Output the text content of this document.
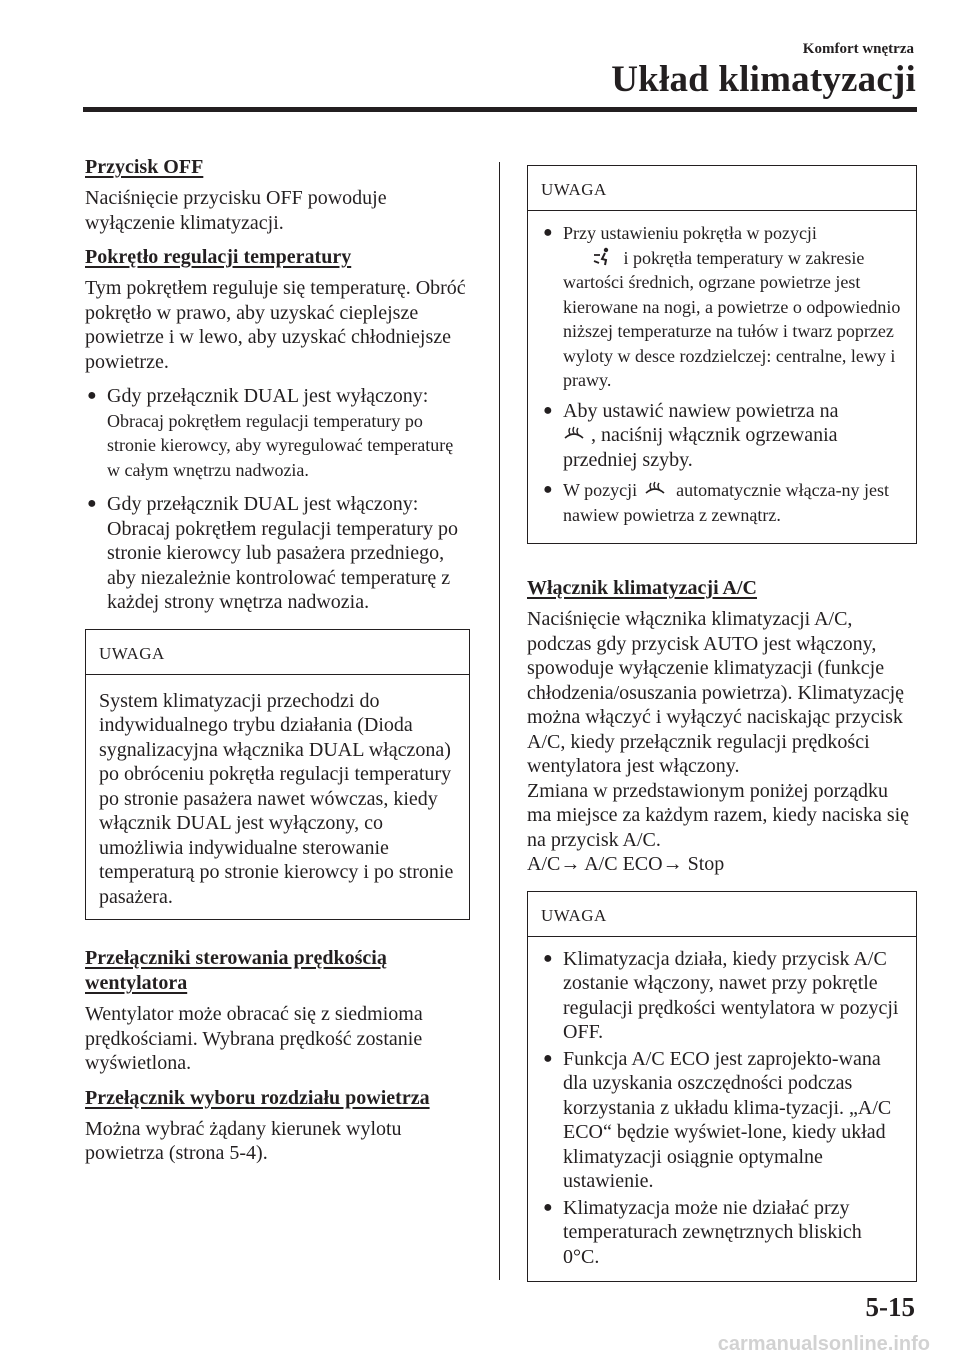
Komfort wnętrza
Układ klimatyzacji
Przycisk OFF

Naciśnięcie przycisku OFF powoduje wyłączenie klimatyzacji.

Pokrętło regulacji temperatury

Tym pokrętłem reguluje się temperaturę. Obróć pokrętło w prawo, aby uzyskać cieplejsze powietrze i w lewo, aby uzyskać chłodniejsze powietrze.

● Gdy przełącznik DUAL jest wyłączony:
Obracaj pokrętłem regulacji temperatury po stronie kierowcy, aby wyregulować temperaturę w całym wnętrzu nadwozia.
● Gdy przełącznik DUAL jest włączony: Obracaj pokrętłem regulacji temperatury po stronie kierowcy lub pasażera przedniego, aby niezależnie kontrolować temperaturę z każdej strony wnętrza nadwozia.
UWAGA

System klimatyzacji przechodzi do indywidualnego trybu działania (Dioda sygnalizacyjna włącznika DUAL włączona) po obróceniu pokrętła regulacji temperatury po stronie pasażera nawet wówczas, kiedy włącznik DUAL jest wyłączony, co umożliwia indywidualne sterowanie temperaturą po stronie kierowcy i po stronie pasażera.

Przełączniki sterowania prędkością wentylatora

Wentylator może obracać się z siedmioma prędkościami. Wybrana prędkość zostanie wyświetlona.

Przełącznik wyboru rozdziału powietrza

Można wybrać żądany kierunek wylotu powietrza (strona 5-4).

UWAGA
● Przy ustawieniu pokrętła w pozycji
i pokrętła temperatury w zakresie wartości średnich, ogrzane powietrze jest kierowane na nogi, a powietrze o odpowiednio niższej temperaturze na tułów i twarz poprzez wyloty w desce rozdzielczej: centralne, lewy i prawy.
● Aby ustawić nawiew powietrza na
, naciśnij włącznik ogrzewania przedniej szyby.
● W pozycji automatycznie włącza-ny jest nawiew powietrza z zewnątrz.
Włącznik klimatyzacji A/C

Naciśnięcie włącznika klimatyzacji A/C, podczas gdy przycisk AUTO jest włączony, spowoduje wyłączenie klimatyzacji (funkcje chłodzenia/osuszania powietrza). Klimatyzację można włączyć i wyłączyć naciskając przycisk A/C, kiedy przełącznik regulacji prędkości wentylatora jest włączony.

Zmiana w przedstawionym poniżej porządku ma miejsce za każdym razem, kiedy naciska się na przycisk A/C.

A/C→ A/C ECO→ Stop

UWAGA
● Klimatyzacja działa, kiedy przycisk A/C zostanie włączony, nawet przy pokrętle regulacji prędkości wentylatora w pozycji OFF.
● Funkcja A/C ECO jest zaprojekto-wana dla uzyskania oszczędności podczas korzystania z układu klima-tyzacji. „A/C ECO“ będzie wyświet-lone, kiedy układ klimatyzacji osiągnie optymalne ustawienie.
● Klimatyzacja może nie działać przy temperaturach zewnętrznych bliskich 0°C.
5-15
carmanualsonline.info
